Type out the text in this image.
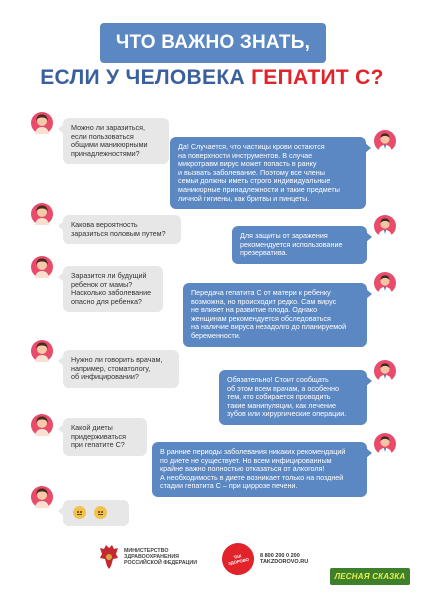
ЧТО ВАЖНО ЗНАТЬ,
ЕСЛИ У ЧЕЛОВЕКА ГЕПАТИТ С?
Можно ли заразиться,
если пользоваться
общими маникюрными
принадлежностями?
Да! Случается, что частицы крови остаются
на поверхности инструментов. В случае
микротравм вирус может попасть в ранку
и вызвать заболевание. Поэтому все члены
семьи должны иметь строго индивидуальные
маникюрные принадлежности и такие предметы
личной гигиены, как бритвы и пинцеты.
Какова вероятность
заразиться половым путем?	Для защиты от заражения
рекомендуется использование
презерватива.
Заразится ли будущий
ребенок от мамы?
Насколько заболевание
опасно для ребенка?
Передача гепатита С от матери к ребенку
возможна, но происходит редко. Сам вирус
не влияет на развитие плода. Однако
женщинам рекомендуется обследоваться
на наличие вируса незадолго до планируемой
беременности.
Нужно ли говорить врачам,
например, стоматологу,
об инфицировании?	Обязательно! Стоит сообщать
об этом всем врачам, а особенно
тем, кто собирается проводить
такие манипуляции, как лечение
зубов или хирургические операции.
Какой диеты
придерживаться
при гепатите С?
В ранние периоды заболевания никаких рекомендаций
по диете не существует. Но всем инфицированным
крайне важно полностью отказаться от алкоголя!
А необходимость в диете возникает только на поздней
стадии гепатита С – при циррозе печени.
МИНИСТЕРСТВО
ЗДРАВООХРАНЕНИЯ
РОССИЙСКОЙ ФЕДЕРАЦИИ
ТАК ЗДОРОВО
8 800 200 0 200
TAKZDOROVO.RU
ЛЕСНАЯ СКАЗКА
